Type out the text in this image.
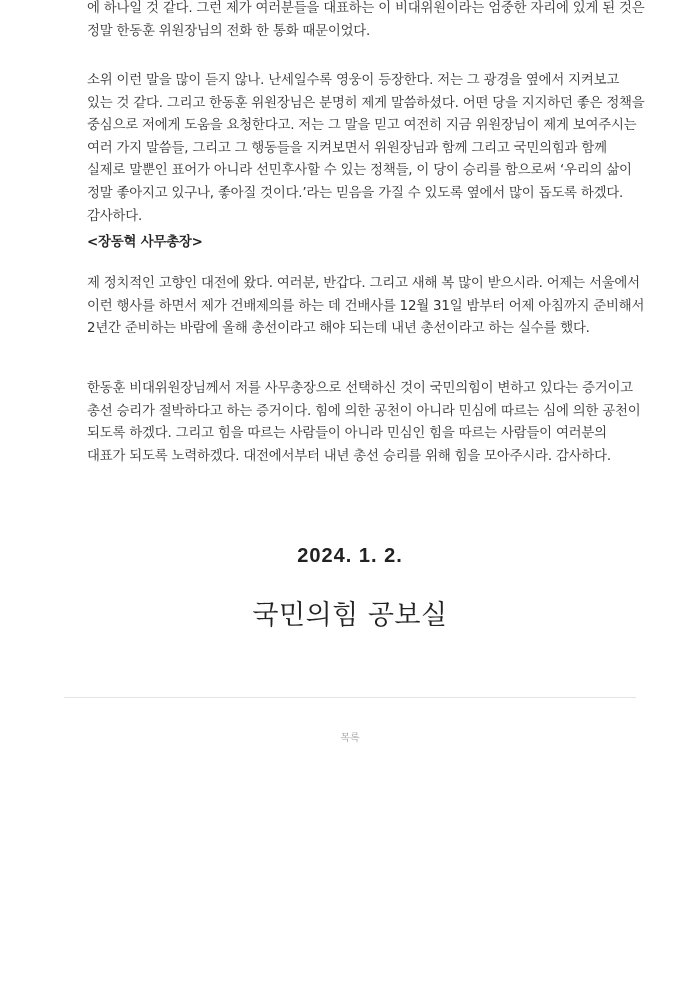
에 하나일 것 같다. 그런 제가 여러분들을 대표하는 이 비대위원이라는 엄중한 자리에 있게 된 것은 정말 한동훈 위원장님의 전화 한 통화 때문이었다.

소위 이런 말을 많이 듣지 않나. 난세일수록 영웅이 등장한다. 저는 그 광경을 옆에서 지켜보고 있는 것 같다. 그리고 한동훈 위원장님은 분명히 제게 말씀하셨다. 어떤 당을 지지하던 좋은 정책을 중심으로 저에게 도움을 요청한다고. 저는 그 말을 믿고 여전히 지금 위원장님이 제게 보여주시는 여러 가지 말씀들, 그리고 그 행동들을 지켜보면서 위원장님과 함께 그리고 국민의힘과 함께 실제로 말뿐인 표어가 아니라 선민후사할 수 있는 정책들, 이 당이 승리를 함으로써 ‘우리의 삶이 정말 좋아지고 있구나, 좋아질 것이다.’라는 믿음을 가질 수 있도록 옆에서 많이 돕도록 하겠다. 감사하다.

<장동혁 사무총장>

제 정치적인 고향인 대전에 왔다. 여러분, 반갑다. 그리고 새해 복 많이 받으시라. 어제는 서울에서 이런 행사를 하면서 제가 건배제의를 하는 데 건배사를 12월 31일 밤부터 어제 아침까지 준비해서 2년간 준비하는 바람에 올해 총선이라고 해야 되는데 내년 총선이라고 하는 실수를 했다.

한동훈 비대위원장님께서 저를 사무총장으로 선택하신 것이 국민의힘이 변하고 있다는 증거이고 총선 승리가 절박하다고 하는 증거이다. 힘에 의한 공천이 아니라 민심에 따르는 심에 의한 공천이 되도록 하겠다. 그리고 힘을 따르는 사람들이 아니라 민심인 힘을 따르는 사람들이 여러분의 대표가 되도록 노력하겠다. 대전에서부터 내년 총선 승리를 위해 힘을 모아주시라. 감사하다.

2024. 1. 2.
국민의힘 공보실
목록
